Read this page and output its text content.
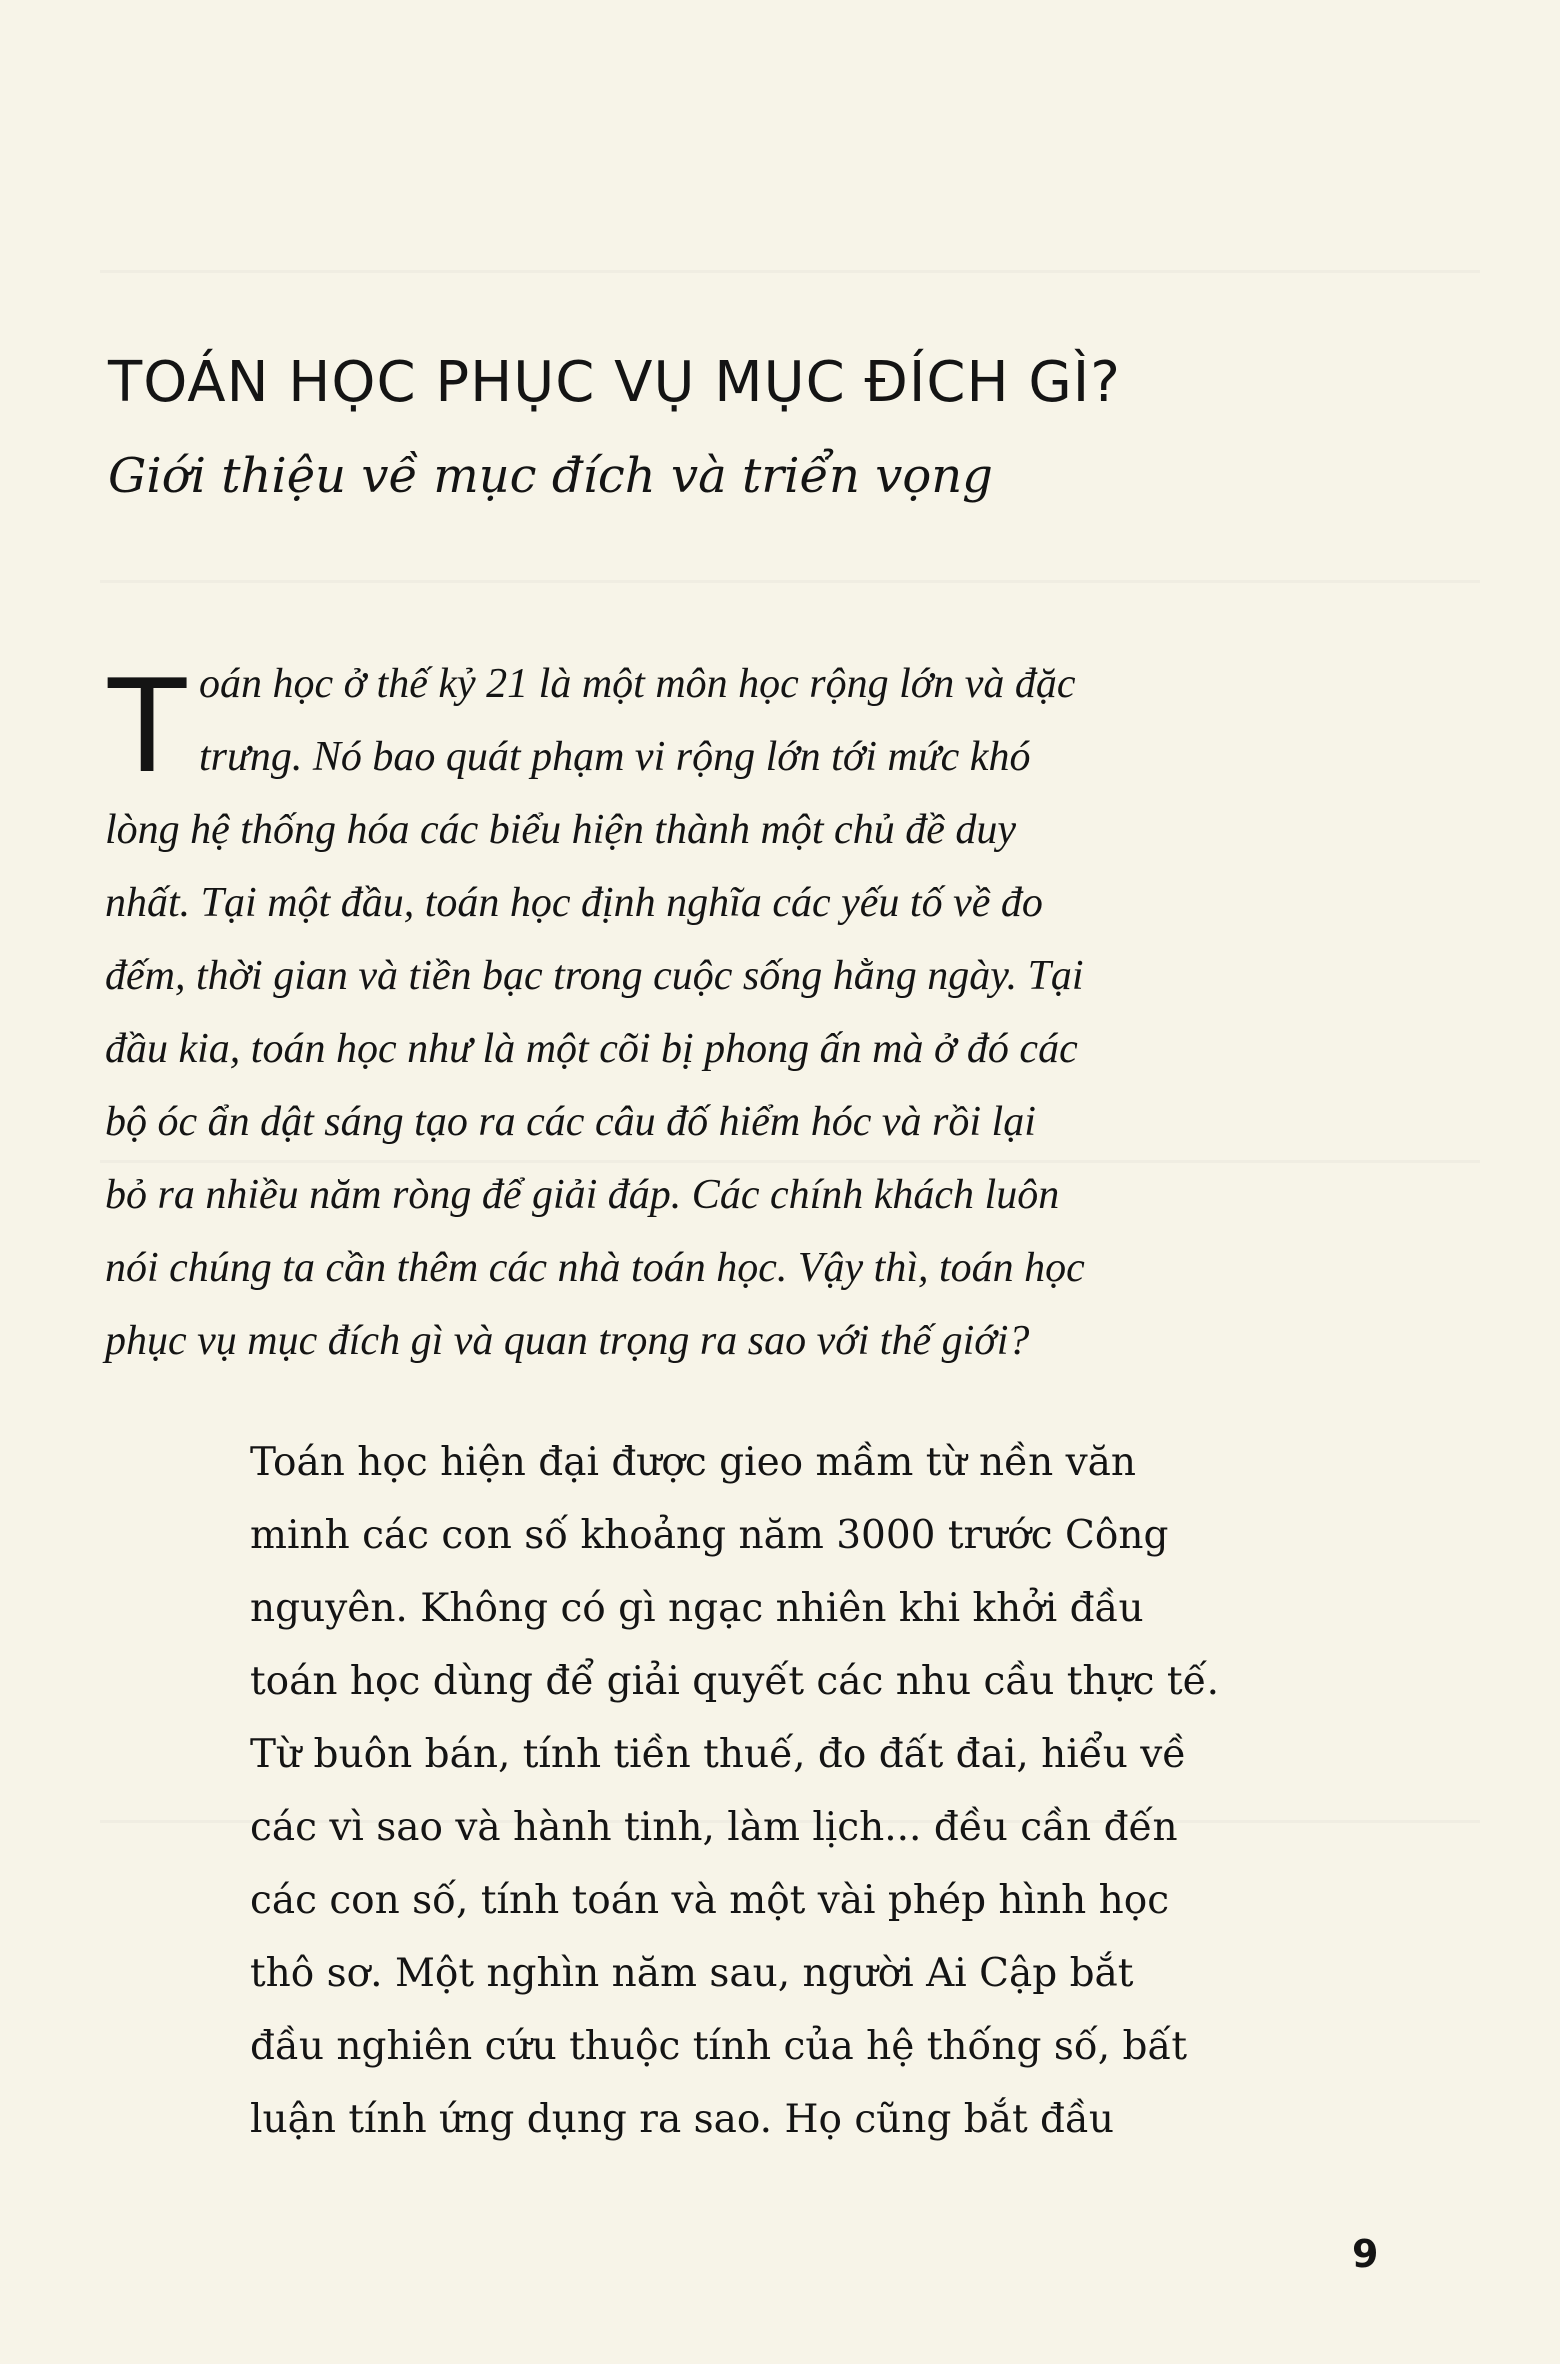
TOÁN HỌC PHỤC VỤ MỤC ĐÍCH GÌ?
Giới thiệu về mục đích và triển vọng
T oán học ở thế kỷ 21 là một môn học rộng lớn và đặc
trưng. Nó bao quát phạm vi rộng lớn tới mức khó
lòng hệ thống hóa các biểu hiện thành một chủ đề duy
nhất. Tại một đầu, toán học định nghĩa các yếu tố về đo
đếm, thời gian và tiền bạc trong cuộc sống hằng ngày. Tại
đầu kia, toán học như là một cõi bị phong ấn mà ở đó các
bộ óc ẩn dật sáng tạo ra các câu đố hiểm hóc và rồi lại
bỏ ra nhiều năm ròng để giải đáp. Các chính khách luôn
nói chúng ta cần thêm các nhà toán học. Vậy thì, toán học
phục vụ mục đích gì và quan trọng ra sao với thế giới?
Toán học hiện đại được gieo mầm từ nền văn
minh các con số khoảng năm 3000 trước Công
nguyên. Không có gì ngạc nhiên khi khởi đầu
toán học dùng để giải quyết các nhu cầu thực tế.
Từ buôn bán, tính tiền thuế, đo đất đai, hiểu về
các vì sao và hành tinh, làm lịch... đều cần đến
các con số, tính toán và một vài phép hình học
thô sơ. Một nghìn năm sau, người Ai Cập bắt
đầu nghiên cứu thuộc tính của hệ thống số, bất
luận tính ứng dụng ra sao. Họ cũng bắt đầu
9
